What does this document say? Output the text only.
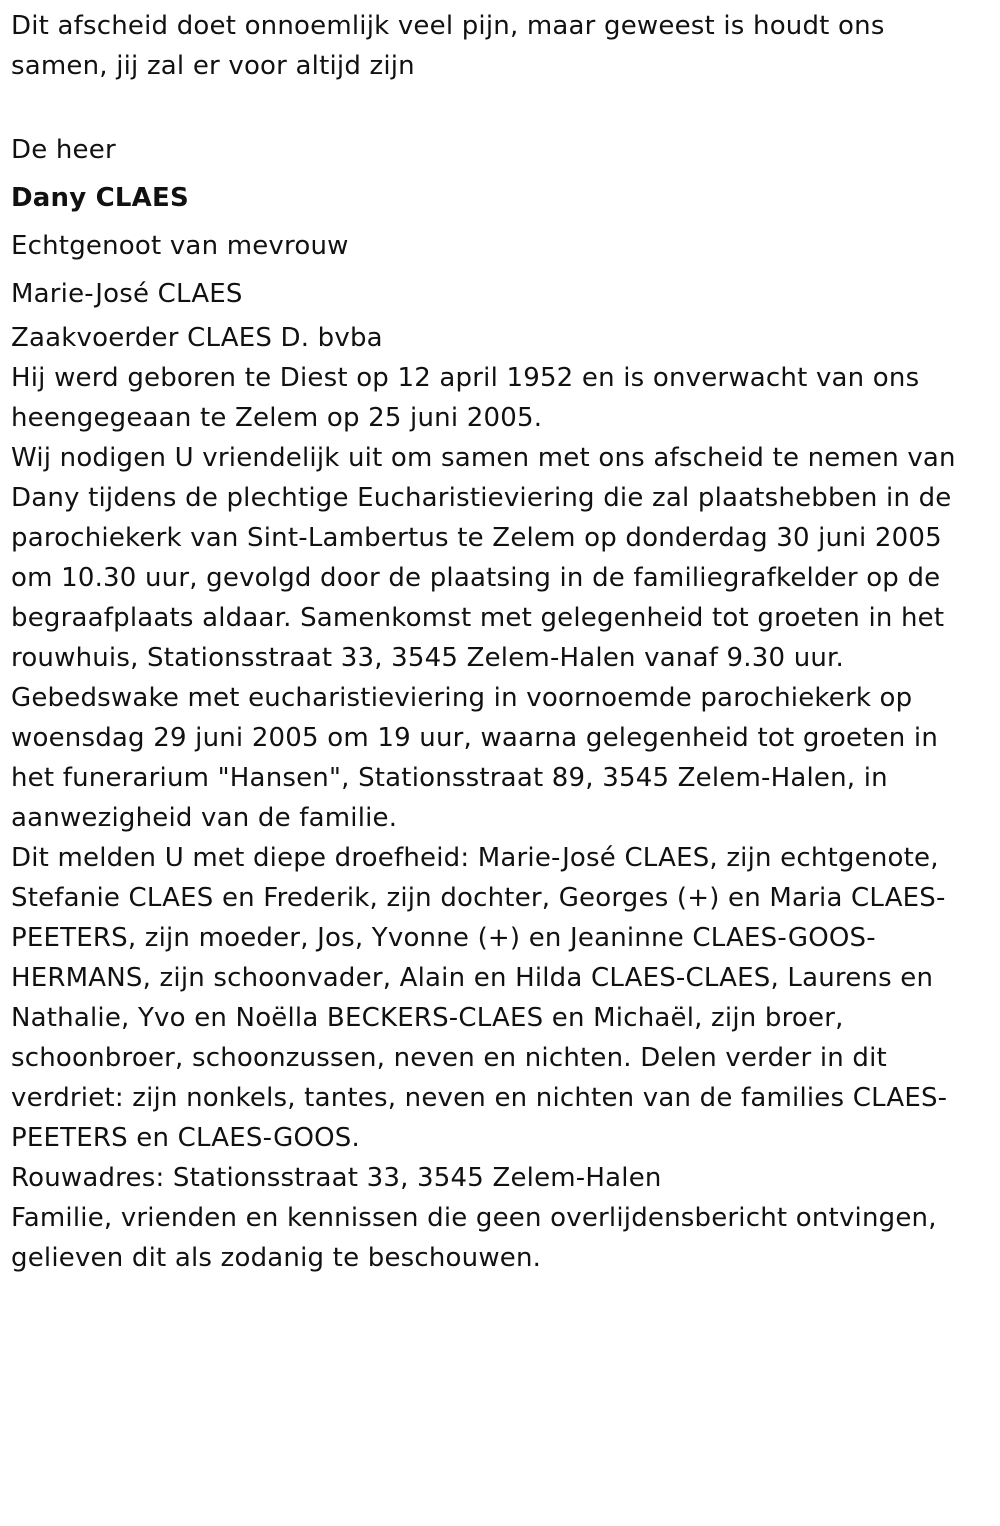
Dit afscheid doet onnoemlijk veel pijn, maar geweest is houdt ons samen, jij zal er voor altijd zijn

De heer
Dany CLAES
Echtgenoot van mevrouw
Marie-José CLAES

Zaakvoerder CLAES D. bvba

Hij werd geboren te Diest op 12 april 1952 en is onverwacht van ons heengegeaan te Zelem op 25 juni 2005.

Wij nodigen U vriendelijk uit om samen met ons afscheid te nemen van Dany tijdens de plechtige Eucharistieviering die zal plaatshebben in de parochiekerk van Sint-Lambertus te Zelem op donderdag 30 juni 2005 om 10.30 uur, gevolgd door de plaatsing in de familiegrafkelder op de begraafplaats aldaar. Samenkomst met gelegenheid tot groeten in het rouwhuis, Stationsstraat 33, 3545 Zelem-Halen vanaf 9.30 uur. Gebedswake met eucharistieviering in voornoemde parochiekerk op woensdag 29 juni 2005 om 19 uur, waarna gelegenheid tot groeten in het funerarium "Hansen", Stationsstraat 89, 3545 Zelem-Halen, in aanwezigheid van de familie.

Dit melden U met diepe droefheid: Marie-José CLAES, zijn echtgenote, Stefanie CLAES en Frederik, zijn dochter, Georges (+) en Maria CLAES-PEETERS, zijn moeder, Jos, Yvonne (+) en Jeaninne CLAES-GOOS-HERMANS, zijn schoonvader, Alain en Hilda CLAES-CLAES, Laurens en Nathalie, Yvo en Noëlla BECKERS-CLAES en Michaël, zijn broer, schoonbroer, schoonzussen, neven en nichten. Delen verder in dit verdriet: zijn nonkels, tantes, neven en nichten van de families CLAES-PEETERS en CLAES-GOOS.

Rouwadres: Stationsstraat 33, 3545 Zelem-Halen

Familie, vrienden en kennissen die geen overlijdensbericht ontvingen, gelieven dit als zodanig te beschouwen.
